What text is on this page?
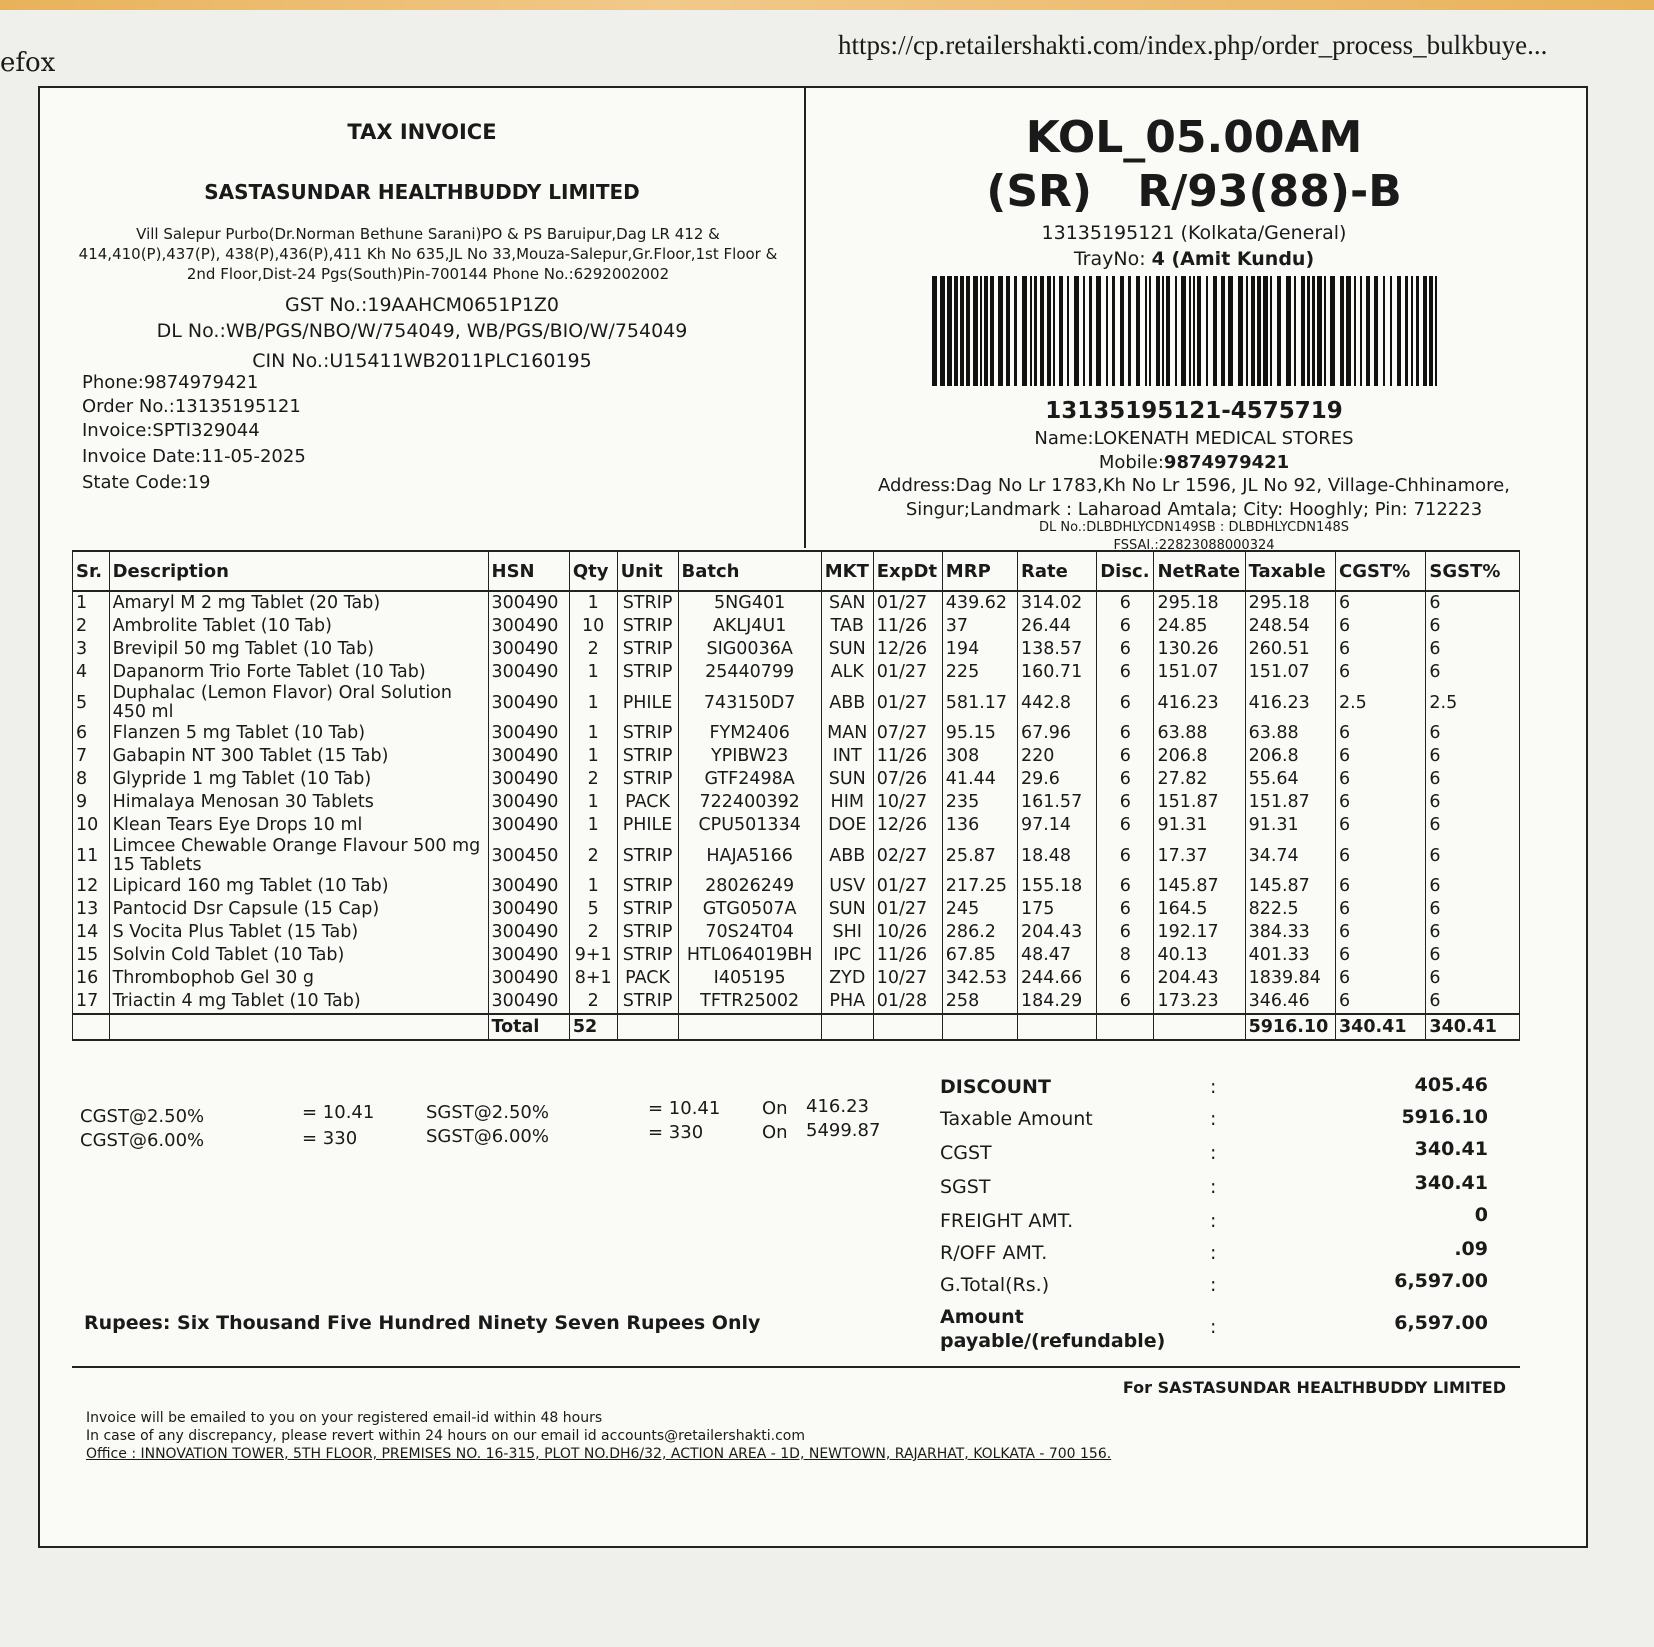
efox
https://cp.retailershakti.com/index.php/order_process_bulkbuye...
TAX INVOICE
SASTASUNDAR HEALTHBUDDY LIMITED
Vill Salepur Purbo(Dr.Norman Bethune Sarani)PO & PS Baruipur,Dag LR 412 & 414,410(P),437(P), 438(P),436(P),411 Kh No 635,JL No 33,Mouza-Salepur,Gr.Floor,1st Floor & 2nd Floor,Dist-24 Pgs(South)Pin-700144 Phone No.:6292002002
GST No.:19AAHCM0651P1Z0
DL No.:WB/PGS/NBO/W/754049, WB/PGS/BIO/W/754049
CIN No.:U15411WB2011PLC160195
Phone:9874979421
Order No.:13135195121
Invoice:SPTI329044
Invoice Date:11-05-2025
State Code:19
KOL_05.00AM
(SR) R/93(88)-B
13135195121 (Kolkata/General)
TrayNo: 4 (Amit Kundu)
13135195121-4575719
Name:LOKENATH MEDICAL STORES
Mobile:9874979421
Address:Dag No Lr 1783,Kh No Lr 1596, JL No 92, Village-Chhinamore, Singur;Landmark : Laharoad Amtala; City: Hooghly; Pin: 712223
DL No.:DLBDHLYCDN149SB : DLBDHLYCDN148S
FSSAI.:22823088000324
Sr.	Description	HSN	Qty	Unit	Batch	MKT	ExpDt	MRP	Rate	Disc.	NetRate	Taxable	CGST%	SGST%
1	Amaryl M 2 mg Tablet (20 Tab)	300490	1	STRIP	5NG401	SAN	01/27	439.62	314.02	6	295.18	295.18	6	6
2	Ambrolite Tablet (10 Tab)	300490	10	STRIP	AKLJ4U1	TAB	11/26	37	26.44	6	24.85	248.54	6	6
3	Brevipil 50 mg Tablet (10 Tab)	300490	2	STRIP	SIG0036A	SUN	12/26	194	138.57	6	130.26	260.51	6	6
4	Dapanorm Trio Forte Tablet (10 Tab)	300490	1	STRIP	25440799	ALK	01/27	225	160.71	6	151.07	151.07	6	6
5	Duphalac (Lemon Flavor) Oral Solution 450 ml	300490	1	PHILE	743150D7	ABB	01/27	581.17	442.8	6	416.23	416.23	2.5	2.5
6	Flanzen 5 mg Tablet (10 Tab)	300490	1	STRIP	FYM2406	MAN	07/27	95.15	67.96	6	63.88	63.88	6	6
7	Gabapin NT 300 Tablet (15 Tab)	300490	1	STRIP	YPIBW23	INT	11/26	308	220	6	206.8	206.8	6	6
8	Glypride 1 mg Tablet (10 Tab)	300490	2	STRIP	GTF2498A	SUN	07/26	41.44	29.6	6	27.82	55.64	6	6
9	Himalaya Menosan 30 Tablets	300490	1	PACK	722400392	HIM	10/27	235	161.57	6	151.87	151.87	6	6
10	Klean Tears Eye Drops 10 ml	300490	1	PHILE	CPU501334	DOE	12/26	136	97.14	6	91.31	91.31	6	6
11	Limcee Chewable Orange Flavour 500 mg 15 Tablets	300450	2	STRIP	HAJA5166	ABB	02/27	25.87	18.48	6	17.37	34.74	6	6
12	Lipicard 160 mg Tablet (10 Tab)	300490	1	STRIP	28026249	USV	01/27	217.25	155.18	6	145.87	145.87	6	6
13	Pantocid Dsr Capsule (15 Cap)	300490	5	STRIP	GTG0507A	SUN	01/27	245	175	6	164.5	822.5	6	6
14	S Vocita Plus Tablet (15 Tab)	300490	2	STRIP	70S24T04	SHI	10/26	286.2	204.43	6	192.17	384.33	6	6
15	Solvin Cold Tablet (10 Tab)	300490	9+1	STRIP	HTL064019BH	IPC	11/26	67.85	48.47	8	40.13	401.33	6	6
16	Thrombophob Gel 30 g	300490	8+1	PACK	I405195	ZYD	10/27	342.53	244.66	6	204.43	1839.84	6	6
17	Triactin 4 mg Tablet (10 Tab)	300490	2	STRIP	TFTR25002	PHA	01/28	258	184.29	6	173.23	346.46	6	6
		Total	52									5916.10	340.41	340.41
CGST@2.50%	= 10.41	SGST@2.50%	= 10.41 On 416.23
CGST@6.00%	= 330	SGST@6.00%	= 330	On 5499.87
DISCOUNT	:	405.46
Taxable Amount	:	5916.10
CGST	:	340.41
SGST	:	340.41
FREIGHT AMT.	:	0
R/OFF AMT.	:	.09
G.Total(Rs.)	:	6,597.00
Amount
payable/(refundable)
:	6,597.00
Rupees: Six Thousand Five Hundred Ninety Seven Rupees Only
For SASTASUNDAR HEALTHBUDDY LIMITED
Invoice will be emailed to you on your registered email-id within 48 hours
In case of any discrepancy, please revert within 24 hours on our email id accounts@retailershakti.com
Office : INNOVATION TOWER, 5TH FLOOR, PREMISES NO. 16-315, PLOT NO.DH6/32, ACTION AREA - 1D, NEWTOWN, RAJARHAT, KOLKATA - 700 156.
